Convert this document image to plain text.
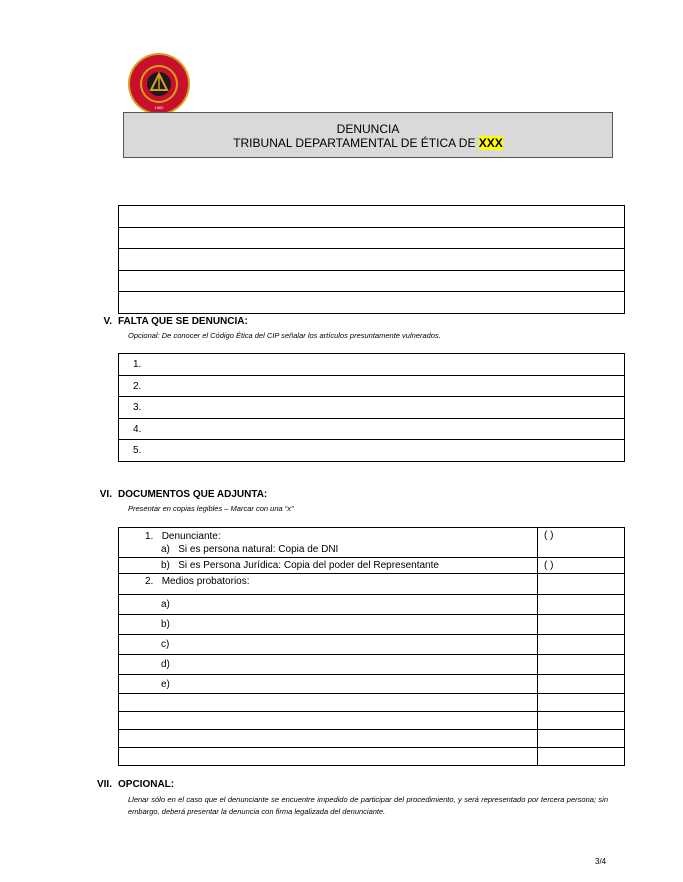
1962
DENUNCIA
TRIBUNAL DEPARTAMENTAL DE ÉTICA DE XXX

V. FALTA QUE SE DENUNCIA:
Opcional: De conocer el Código Ética del CIP señalar los artículos presuntamente vulnerados.
1.
2.
3.
4.
5.
VI. DOCUMENTOS QUE ADJUNTA:
Presentar en copias legibles – Marcar con una “x”
1. Denunciante:
a) Si es persona natural: Copia de DNI	( )
b) Si es Persona Jurídica: Copia del poder del Representante	( )
2. Medios probatorios:	
a)	
b)	
c)	
d)	
e)	

VII. OPCIONAL:
Llenar sólo en el caso que el denunciante se encuentre impedido de participar del procedimiento, y será representado por tercera persona; sin embargo, deberá presentar la denuncia con firma legalizada del denunciante.
3/4
